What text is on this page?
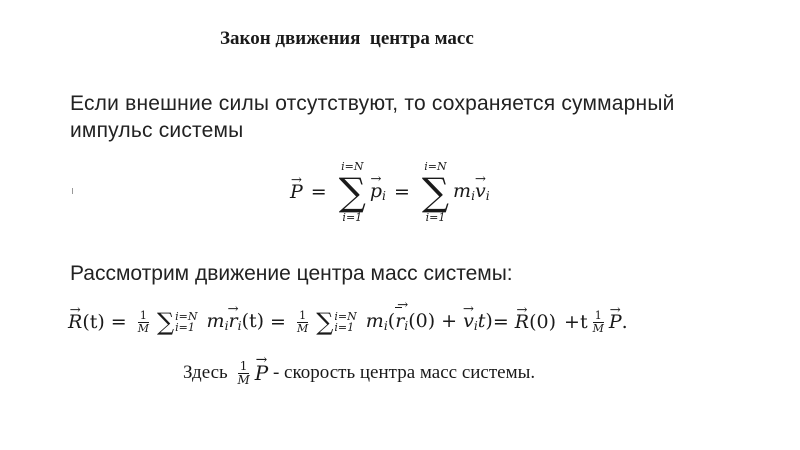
Закон движения  центра масс
Если внешние силы отсутствуют, то сохраняется суммарный импульс системы
→ P =
i=N
∑
i=1
→ $p_i$ =
i=N
∑
i=1
$m_i\to v_i$
Рассмотрим движение центра масс системы:
→ R $(t) = \frac{1}{M}$ ∑ i=N
i=1 $m_i\to r_i(t) = \frac{1}{M}$ ∑ i=N
i=1 $m_i(\to r_i(0) +\to v_it)$ =
→ R $(0) +t \frac{1}{M}$
→ P .
Здесь
$\frac{1}{M}$
→ P - скорость центра масс системы.
